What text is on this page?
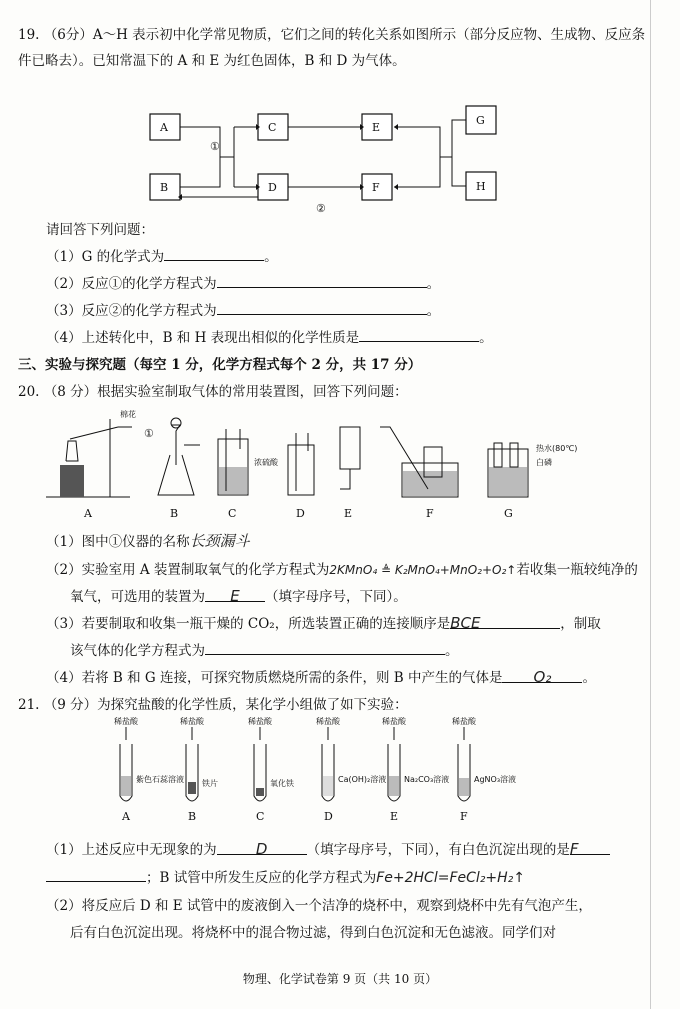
19. （6分）A～H 表示初中化学常见物质，它们之间的转化关系如图所示（部分反应物、生成物、反应条件已略去）。已知常温下的 A 和 E 为红色固体，B 和 D 为气体。
A
B
C
D
E
F
G
H
①
②
请回答下列问题：
（1）G 的化学式为	。
（2）反应①的化学方程式为	。
（3）反应②的化学方程式为	。
（4）上述转化中，B 和 H 表现出相似的化学性质是	。
三、实验与探究题（每空 1 分，化学方程式每个 2 分，共 17 分）
20. （8 分）根据实验室制取气体的常用装置图，回答下列问题：
棉花
A
①
B
浓硫酸
C	D	E	F
热水(80℃)
白磷
G
（1）图中①仪器的名称长颈漏斗
（2）实验室用 A 装置制取氧气的化学方程式为2KMnO₄ ≜ K₂MnO₄+MnO₂+O₂↑若收集一瓶较纯净的
氧气，可选用的装置为 E （填字母序号，下同）。
（3）若要制取和收集一瓶干燥的 CO₂，所选装置正确的连接顺序是BCE	，制取
该气体的化学方程式为	。
（4）若将 B 和 G 连接，可探究物质燃烧所需的条件，则 B 中产生的气体是 O₂ 。
21. （9 分）为探究盐酸的化学性质，某化学小组做了如下实验：
稀盐酸
紫色石蕊溶液
A
稀盐酸
铁片
B
稀盐酸
氧化铁
C
稀盐酸
Ca(OH)₂溶液
D
稀盐酸
Na₂CO₃溶液
E
稀盐酸
AgNO₃溶液
F
（1）上述反应中无现象的为	D	（填字母序号，下同），有白色沉淀出现的是F
；B 试管中所发生反应的化学方程式为Fe+2HCl=FeCl₂+H₂↑
（2）将反应后 D 和 E 试管中的废液倒入一个洁净的烧杯中，观察到烧杯中先有气泡产生，
后有白色沉淀出现。将烧杯中的混合物过滤，得到白色沉淀和无色滤液。同学们对
物理、化学试卷第 9 页（共 10 页）
